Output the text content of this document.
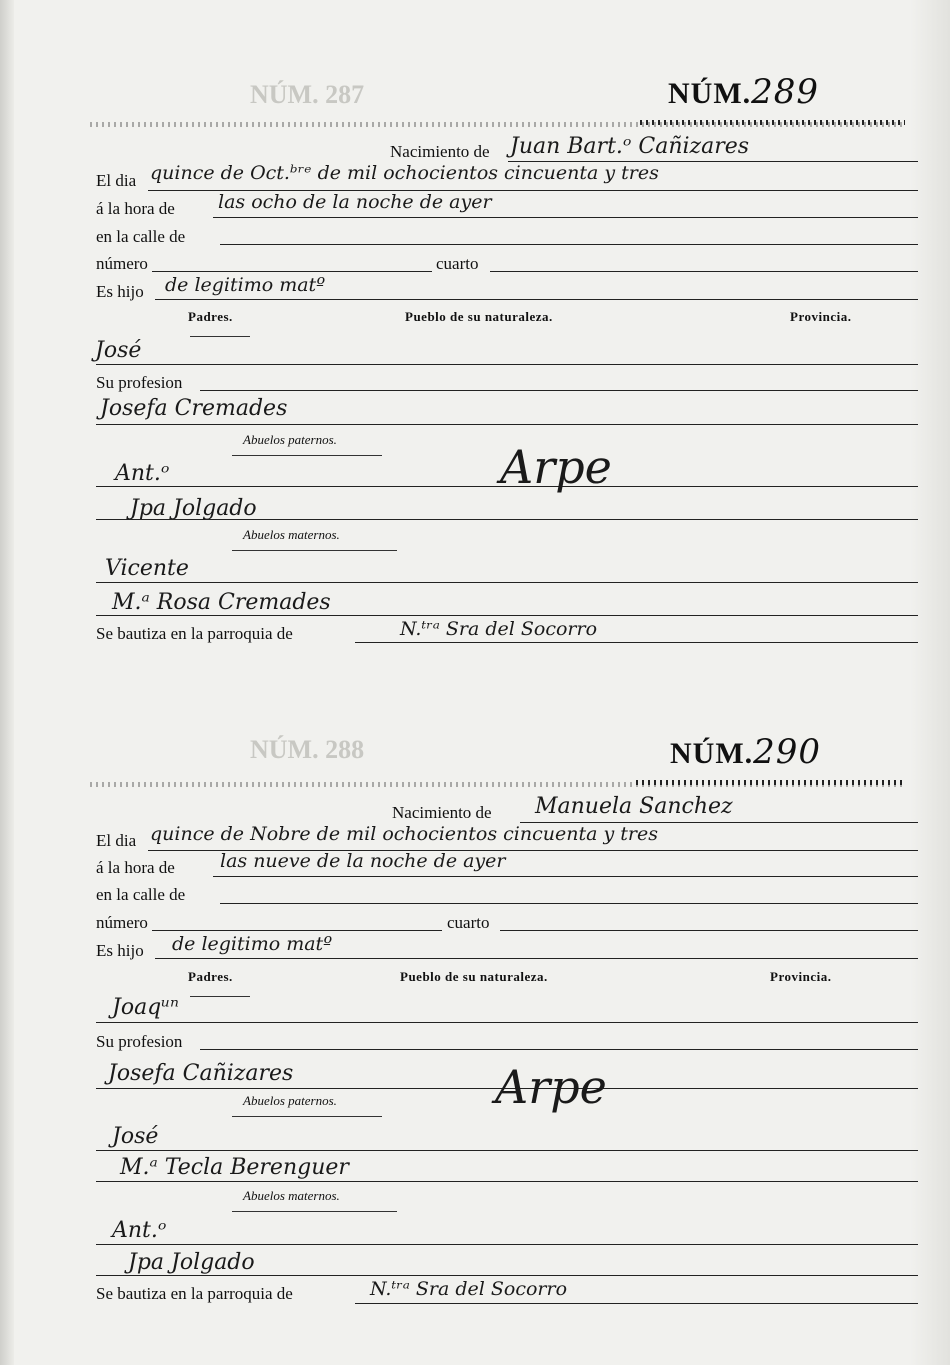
NÚM. 287	NÚM.289
Nacimiento de Juan Bart.ᵒ Cañizares
El dia quince de Oct.ᵇʳᵉ de mil ochocientos cincuenta y tres
á la hora de las ocho de la noche de ayer
en la calle de
número	cuarto
Es hijo de legitimo matº
Padres.	Pueblo de su naturaleza.	Provincia.
José
Su profesion
Josefa Cremades
Abuelos paternos.
Ant.ᵒ	Arpe
Jpa Jolgado
Abuelos maternos.
Vicente
M.ᵃ Rosa Cremades
Se bautiza en la parroquia de	N.ᵗʳᵃ Sra del Socorro
NÚM. 288	NÚM.290
Nacimiento de Manuela Sanchez
El dia quince de Nobre de mil ochocientos cincuenta y tres
á la hora de las nueve de la noche de ayer
en la calle de
número	cuarto
Es hijo de legitimo matº
Padres.	Pueblo de su naturaleza.	Provincia.
Joaqᵘⁿ
Su profesion
Josefa Cañizares
Abuelos paternos.	Arpe
José
M.ᵃ Tecla Berenguer
Abuelos maternos.
Ant.ᵒ
Jpa Jolgado
Se bautiza en la parroquia de	N.ᵗʳᵃ Sra del Socorro
